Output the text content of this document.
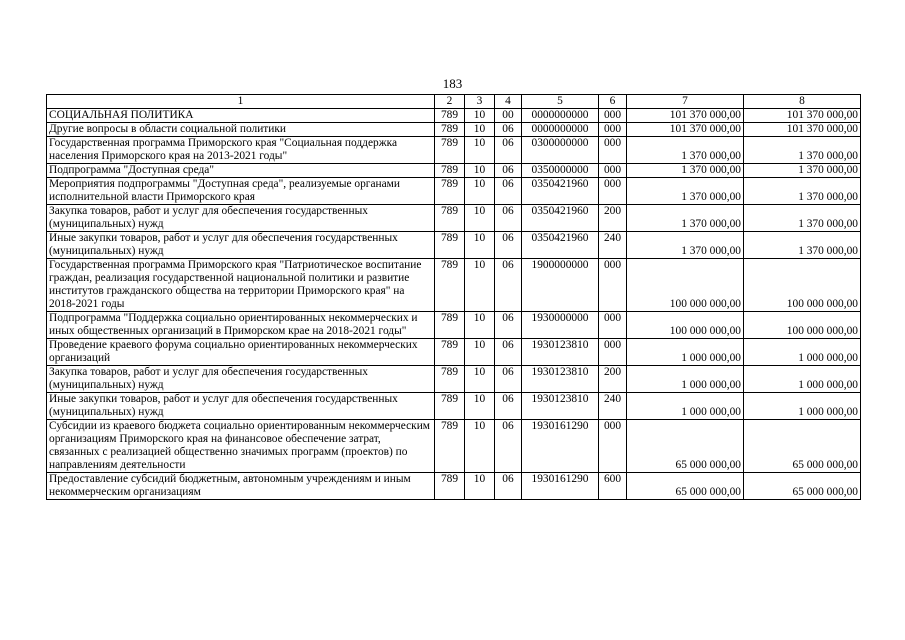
183
1	2	3	4	5	6	7	8
СОЦИАЛЬНАЯ ПОЛИТИКА	789	10	00	0000000000	000	101 370 000,00	101 370 000,00
Другие вопросы в области социальной политики	789	10	06	0000000000	000	101 370 000,00	101 370 000,00
Государственная программа Приморского края "Социальная поддержка населения Приморского края на 2013-2021 годы"	789	10	06	0300000000	000	1 370 000,00	1 370 000,00
Подпрограмма "Доступная среда"	789	10	06	0350000000	000	1 370 000,00	1 370 000,00
Мероприятия подпрограммы "Доступная среда", реализуемые органами исполнительной власти Приморского края	789	10	06	0350421960	000	1 370 000,00	1 370 000,00
Закупка товаров, работ и услуг для обеспечения государственных (муниципальных) нужд	789	10	06	0350421960	200	1 370 000,00	1 370 000,00
Иные закупки товаров, работ и услуг для обеспечения государственных (муниципальных) нужд	789	10	06	0350421960	240	1 370 000,00	1 370 000,00
Государственная программа Приморского края "Патриотическое воспитание граждан, реализация государственной национальной политики и развитие институтов гражданского общества на территории Приморского края" на 2018-2021 годы	789	10	06	1900000000	000	100 000 000,00	100 000 000,00
Подпрограмма "Поддержка социально ориентированных некоммерческих и иных общественных организаций в Приморском крае на 2018-2021 годы"	789	10	06	1930000000	000	100 000 000,00	100 000 000,00
Проведение краевого форума социально ориентированных некоммерческих организаций	789	10	06	1930123810	000	1 000 000,00	1 000 000,00
Закупка товаров, работ и услуг для обеспечения государственных (муниципальных) нужд	789	10	06	1930123810	200	1 000 000,00	1 000 000,00
Иные закупки товаров, работ и услуг для обеспечения государственных (муниципальных) нужд	789	10	06	1930123810	240	1 000 000,00	1 000 000,00
Субсидии из краевого бюджета социально ориентированным некоммерческим организациям Приморского края на финансовое обеспечение затрат, связанных с реализацией общественно значимых программ (проектов) по направлениям деятельности	789	10	06	1930161290	000	65 000 000,00	65 000 000,00
Предоставление субсидий бюджетным, автономным учреждениям и иным некоммерческим организациям	789	10	06	1930161290	600	65 000 000,00	65 000 000,00
